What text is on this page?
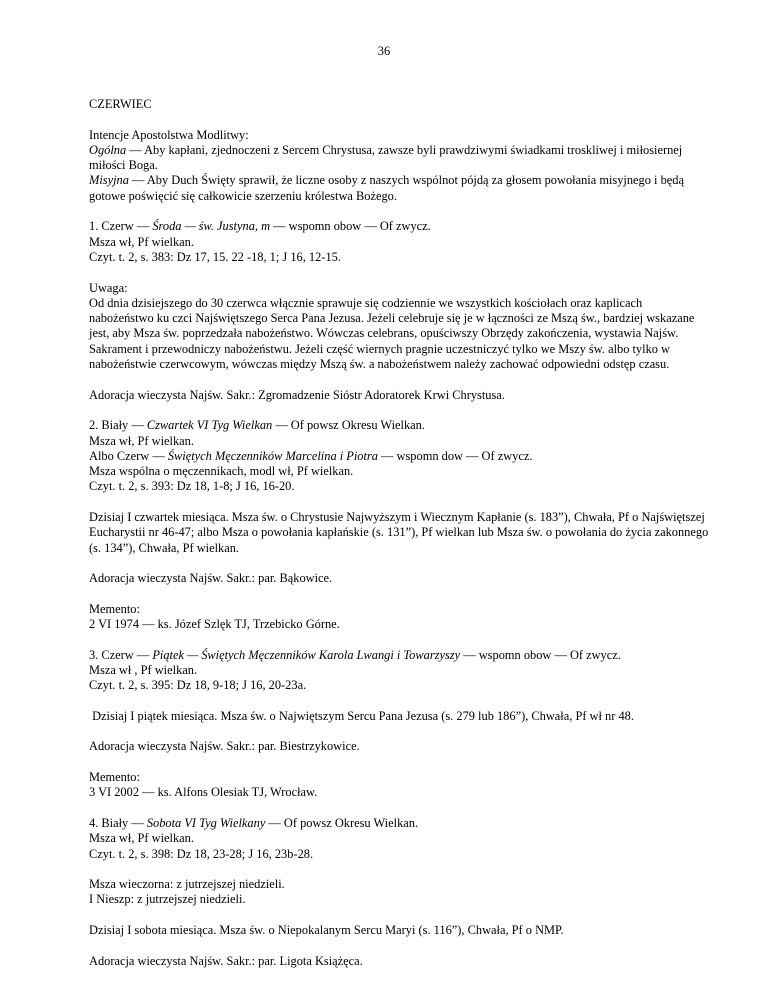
36

CZERWIEC

Intencje Apostolstwa Modlitwy:
Ogólna — Aby kapłani, zjednoczeni z Sercem Chrystusa, zawsze byli prawdziwymi świadkami troskliwej i miłosiernej miłości Boga.
Misyjna — Aby Duch Święty sprawił, że liczne osoby z naszych wspólnot pójdą za głosem powołania misyjnego i będą gotowe poświęcić się całkowicie szerzeniu królestwa Bożego.

1. Czerw — Środa — św. Justyna, m — wspomn obow — Of zwycz.
Msza wł, Pf wielkan.
Czyt. t. 2, s. 383: Dz 17, 15. 22 -18, 1; J 16, 12-15.

Uwaga:
Od dnia dzisiejszego do 30 czerwca włącznie sprawuje się codziennie we wszystkich kościołach oraz kaplicach nabożeństwo ku czci Najświętszego Serca Pana Jezusa. Jeżeli celebruje się je w łączności ze Mszą św., bardziej wskazane jest, aby Msza św. poprzedzała nabożeństwo. Wówczas celebrans, opuściwszy Obrzędy zakończenia, wystawia Najśw. Sakrament i przewodniczy nabożeństwu. Jeżeli część wiernych pragnie uczestniczyć tylko we Mszy św. albo tylko w nabożeństwie czerwcowym, wówczas między Mszą św. a nabożeństwem należy zachować odpowiedni odstęp czasu.

Adoracja wieczysta Najśw. Sakr.: Zgromadzenie Sióstr Adoratorek Krwi Chrystusa.

2. Biały — Czwartek VI Tyg Wielkan — Of powsz Okresu Wielkan.
Msza wł, Pf wielkan.
Albo Czerw — Świętych Męczenników Marcelina i Piotra — wspomn dow — Of zwycz.
Msza wspólna o męczennikach, modl wł, Pf wielkan.
Czyt. t. 2, s. 393: Dz 18, 1-8; J 16, 16-20.

Dzisiaj I czwartek miesiąca. Msza św. o Chrystusie Najwyższym i Wiecznym Kapłanie (s. 183”), Chwała, Pf o Najświętszej Eucharystii nr 46-47; albo Msza o powołania kapłańskie (s. 131”), Pf wielkan lub Msza św. o powołania do życia zakonnego (s. 134”), Chwała, Pf wielkan.

Adoracja wieczysta Najśw. Sakr.: par. Bąkowice.

Memento:
2 VI 1974 — ks. Józef Szlęk TJ, Trzebicko Górne.

3. Czerw — Piątek — Świętych Męczenników Karola Lwangi i Towarzyszy — wspomn obow — Of zwycz.
Msza wł , Pf wielkan.
Czyt. t. 2, s. 395: Dz 18, 9-18; J 16, 20-23a.

Dzisiaj I piątek miesiąca. Msza św. o Najwiętszym Sercu Pana Jezusa (s. 279 lub 186”), Chwała, Pf wł nr 48.

Adoracja wieczysta Najśw. Sakr.: par. Biestrzykowice.

Memento:
3 VI 2002 — ks. Alfons Olesiak TJ, Wrocław.

4. Biały — Sobota VI Tyg Wielkany — Of powsz Okresu Wielkan.
Msza wł, Pf wielkan.
Czyt. t. 2, s. 398: Dz 18, 23-28; J 16, 23b-28.

Msza wieczorna: z jutrzejszej niedzieli.
I Nieszp: z jutrzejszej niedzieli.

Dzisiaj I sobota miesiąca. Msza św. o Niepokalanym Sercu Maryi (s. 116”), Chwała, Pf o NMP.

Adoracja wieczysta Najśw. Sakr.: par. Ligota Książęca.
